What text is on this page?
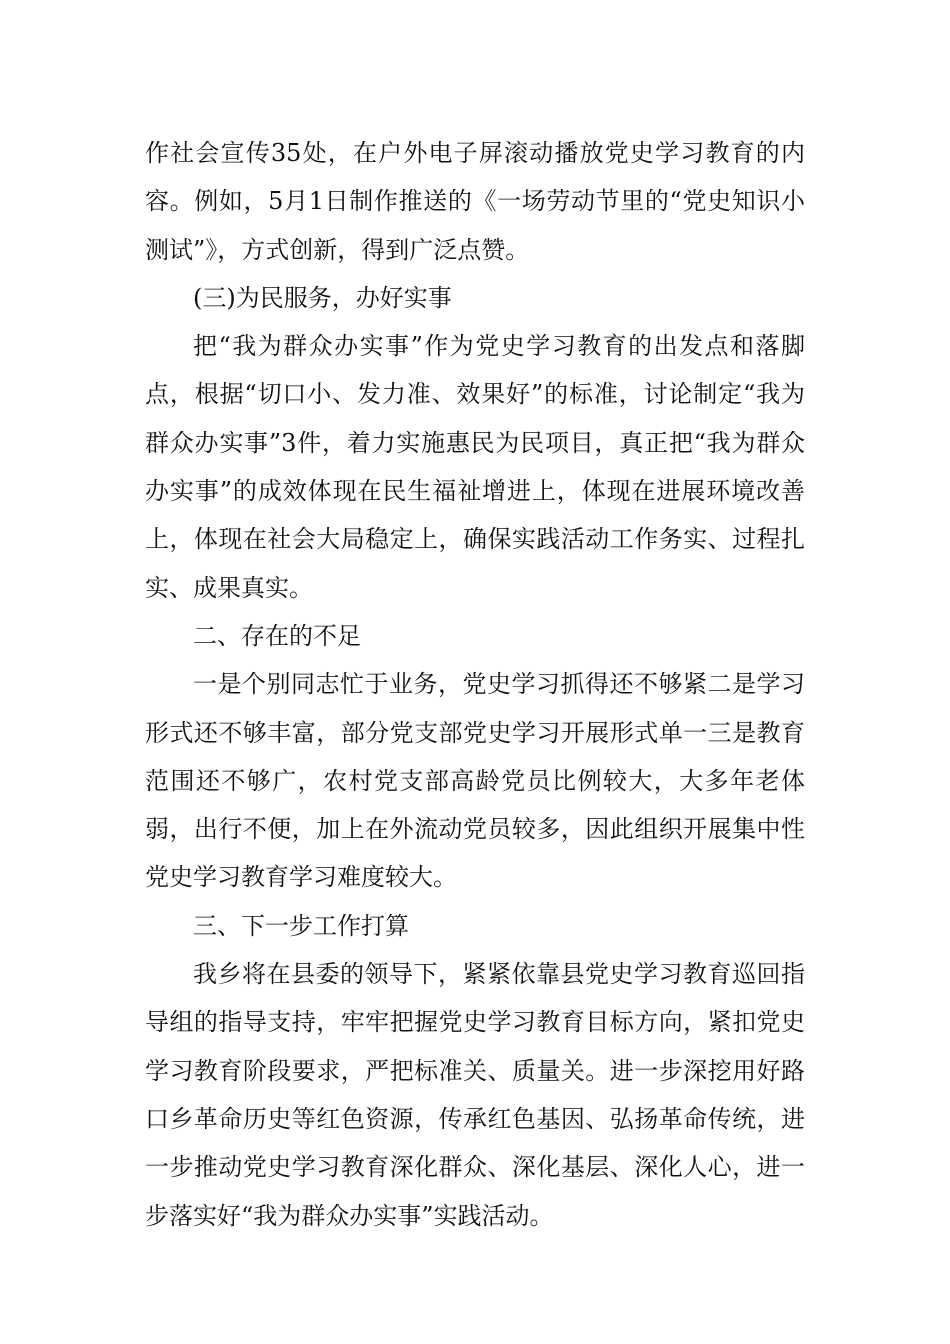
作社会宣传35处，在户外电子屏滚动播放党史学习教育的内容。例如，5月1日制作推送的《一场劳动节里的“党史知识小测试”》，方式创新，得到广泛点赞。

(三)为民服务，办好实事

把“我为群众办实事”作为党史学习教育的出发点和落脚点，根据“切口小、发力准、效果好”的标准，讨论制定“我为群众办实事”3件，着力实施惠民为民项目，真正把“我为群众办实事”的成效体现在民生福祉增进上，体现在进展环境改善上，体现在社会大局稳定上，确保实践活动工作务实、过程扎实、成果真实。

二、存在的不足

一是个别同志忙于业务，党史学习抓得还不够紧二是学习形式还不够丰富，部分党支部党史学习开展形式单一三是教育范围还不够广，农村党支部高龄党员比例较大，大多年老体弱，出行不便，加上在外流动党员较多，因此组织开展集中性党史学习教育学习难度较大。

三、下一步工作打算

我乡将在县委的领导下，紧紧依靠县党史学习教育巡回指导组的指导支持，牢牢把握党史学习教育目标方向，紧扣党史学习教育阶段要求，严把标准关、质量关。进一步深挖用好路口乡革命历史等红色资源，传承红色基因、弘扬革命传统，进一步推动党史学习教育深化群众、深化基层、深化人心，进一步落实好“我为群众办实事”实践活动。
